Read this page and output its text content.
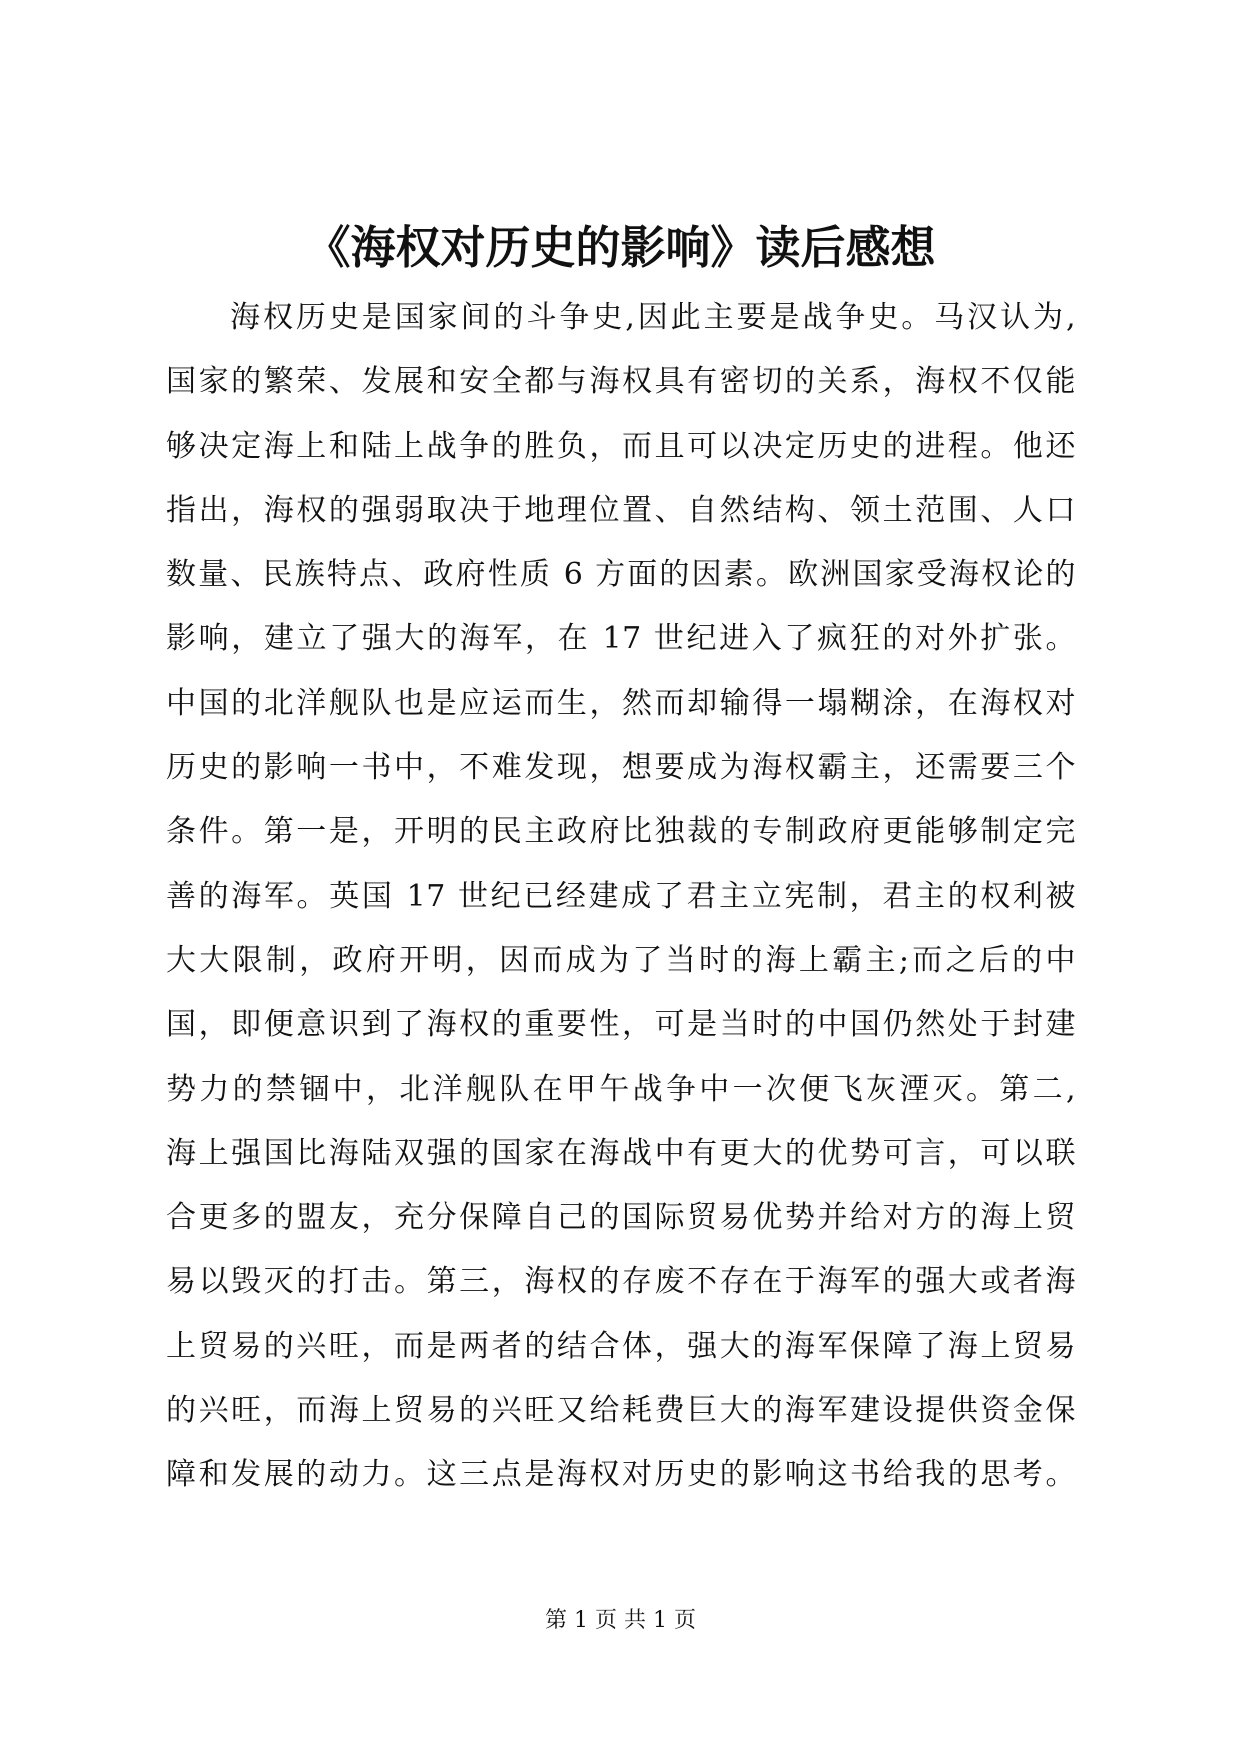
《海权对历史的影响》读后感想
海权历史是国家间的斗争史,因此主要是战争史。马汉认为,
国家的繁荣、发展和安全都与海权具有密切的关系，海权不仅能
够决定海上和陆上战争的胜负，而且可以决定历史的进程。他还
指出，海权的强弱取决于地理位置、自然结构、领土范围、人口
数量、民族特点、政府性质 6 方面的因素。欧洲国家受海权论的
影响，建立了强大的海军，在 17 世纪进入了疯狂的对外扩张。
中国的北洋舰队也是应运而生，然而却输得一塌糊涂，在海权对
历史的影响一书中，不难发现，想要成为海权霸主，还需要三个
条件。第一是，开明的民主政府比独裁的专制政府更能够制定完
善的海军。英国 17 世纪已经建成了君主立宪制，君主的权利被
大大限制，政府开明，因而成为了当时的海上霸主;而之后的中
国，即便意识到了海权的重要性，可是当时的中国仍然处于封建
势力的禁锢中，北洋舰队在甲午战争中一次便飞灰湮灭。第二,
海上强国比海陆双强的国家在海战中有更大的优势可言，可以联
合更多的盟友，充分保障自己的国际贸易优势并给对方的海上贸
易以毁灭的打击。第三，海权的存废不存在于海军的强大或者海
上贸易的兴旺，而是两者的结合体，强大的海军保障了海上贸易
的兴旺，而海上贸易的兴旺又给耗费巨大的海军建设提供资金保
障和发展的动力。这三点是海权对历史的影响这书给我的思考。
第 1 页 共 1 页
